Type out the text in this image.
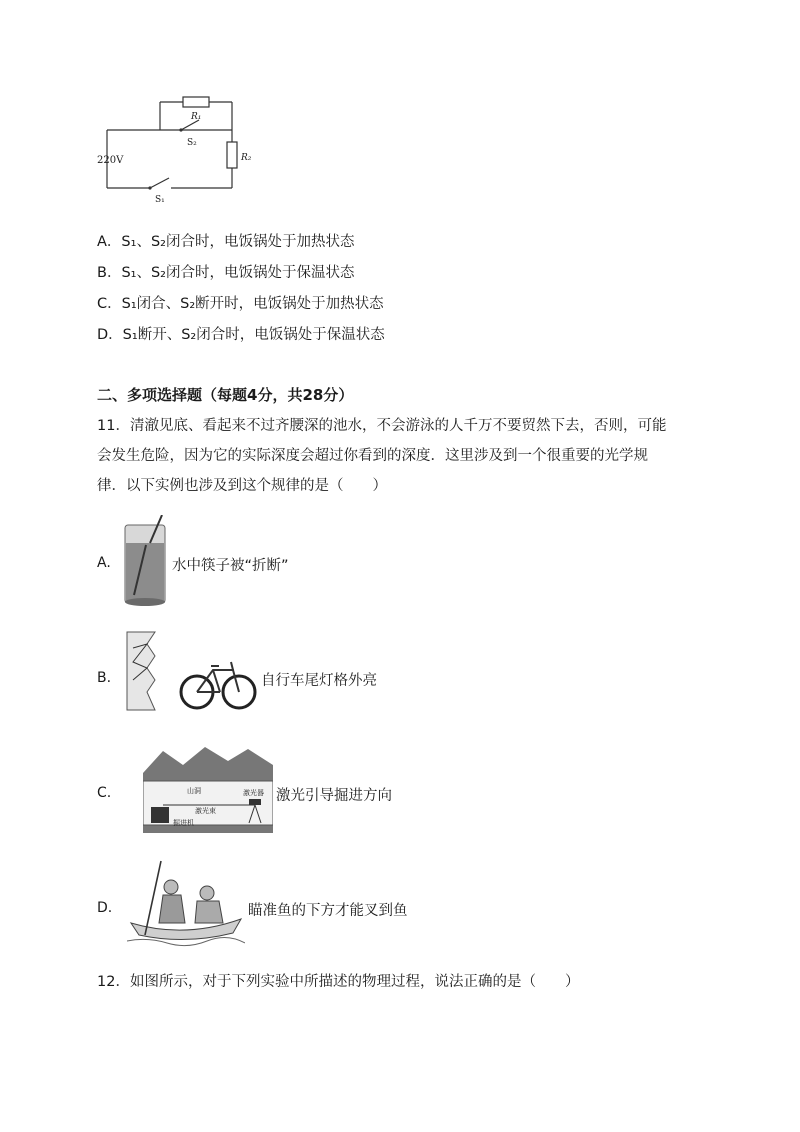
220V
R₁
R₂
S₂
S₁
A．S₁、S₂闭合时，电饭锅处于加热状态
B．S₁、S₂闭合时，电饭锅处于保温状态
C．S₁闭合、S₂断开时，电饭锅处于加热状态
D．S₁断开、S₂闭合时，电饭锅处于保温状态
二、多项选择题（每题4分，共28分）
11．清澈见底、看起来不过齐腰深的池水，不会游泳的人千万不要贸然下去，否则，可能
会发生危险，因为它的实际深度会超过你看到的深度．这里涉及到一个很重要的光学规
律．以下实例也涉及到这个规律的是（　　）
A.	水中筷子被“折断”
B.	自行车尾灯格外亮
C.	山洞	激光器
激光束
掘进机
激光引导掘进方向
D.	瞄准鱼的下方才能叉到鱼
12．如图所示，对于下列实验中所描述的物理过程，说法正确的是（　　）
